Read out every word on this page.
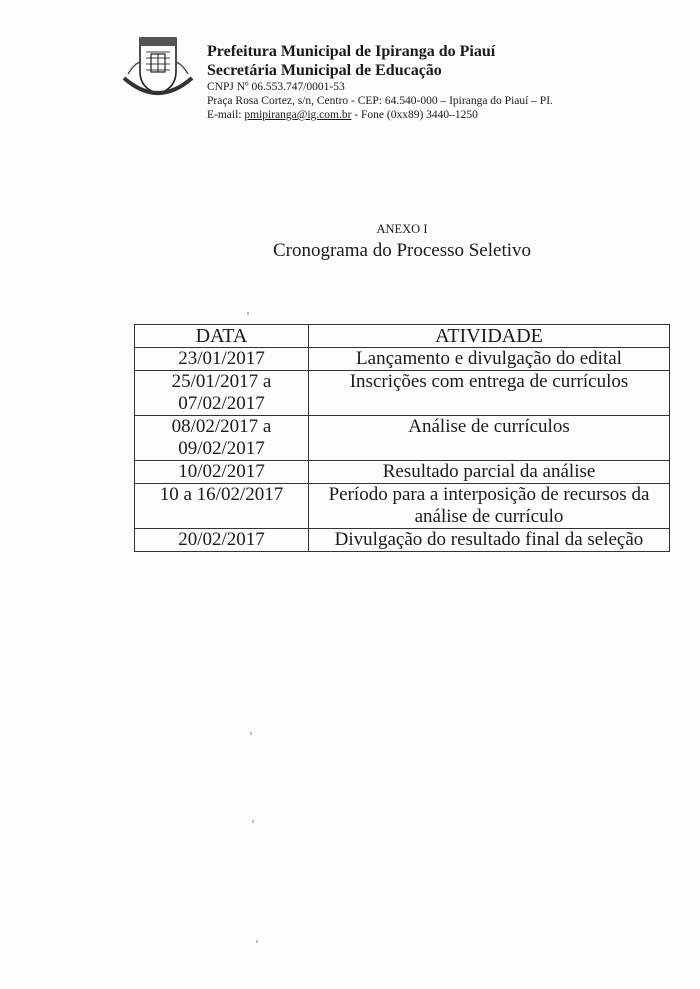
Prefeitura Municipal de Ipiranga do Piauí
Secretária Municipal de Educação
CNPJ Nº 06.553.747/0001-53
Praça Rosa Cortez, s/n, Centro - CEP: 64.540-000 – Ipiranga do Piauí – PI.
E-mail: pmipiranga@ig.com.br - Fone (0xx89) 3440–1250
ANEXO I
Cronograma do Processo Seletivo
DATA	ATIVIDADE
23/01/2017	Lançamento e divulgação do edital
25/01/2017 a 07/02/2017	Inscrições com entrega de currículos
08/02/2017 a 09/02/2017	Análise de currículos
10/02/2017	Resultado parcial da análise
10 a 16/02/2017	Período para a interposição de recursos da análise de currículo
20/02/2017	Divulgação do resultado final da seleção
